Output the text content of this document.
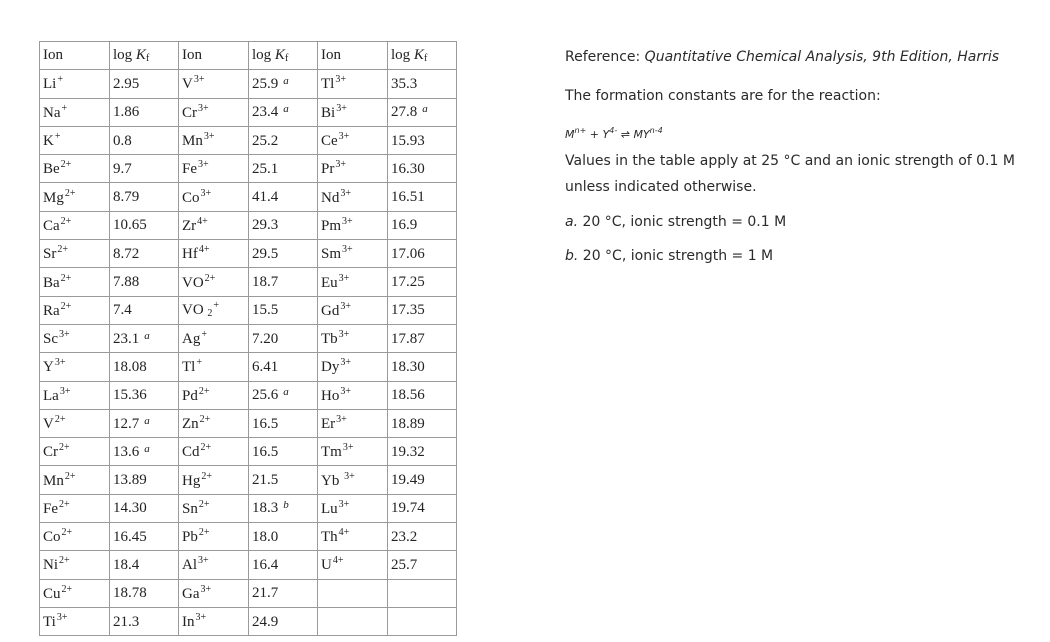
Ion	$\log K_f$	Ion	$\log K_f$	Ion	$\log K_f$
Li+	2.95	$V^{3+}$	25.9 $^a$	$Tl^{3+}$	35.3
Na+	1.86	$Cr^{3+}$	23.4 $^a$	$Bi^{3+}$	27.8 $^a$
K+	0.8	$Mn^{3+}$	25.2	$Ce^{3+}$	15.93
$Be^{2+}$	9.7	$Fe^{3+}$	25.1	$Pr^{3+}$	16.30
$Mg^{2+}$	8.79	$Co^{3+}$	41.4	$Nd^{3+}$	16.51
$Ca^{2+}$	10.65	$Zr^{4+}$	29.3	$Pm^{3+}$	16.9
$Sr^{2+}$	8.72	$Hf^{4+}$	29.5	$Sm^{3+}$	17.06
$Ba^{2+}$	7.88	$VO^{2+}$	18.7	$Eu^{3+}$	17.25
$Ra^{2+}$	7.4	VO $_2$+	15.5	$Gd^{3+}$	17.35
$Sc^{3+}$	23.1 $^a$	Ag+	7.20	$Tb^{3+}$	17.87
$Y^{3+}$	18.08	Tl+	6.41	$Dy^{3+}$	18.30
$La^{3+}$	15.36	$Pd^{2+}$	25.6 $^a$	$Ho^{3+}$	18.56
$V^{2+}$	12.7 $^a$	$Zn^{2+}$	16.5	$Er^{3+}$	18.89
$Cr^{2+}$	13.6 $^a$	$Cd^{2+}$	16.5	$Tm^{3+}$	19.32
$Mn^{2+}$	13.89	$Hg^{2+}$	21.5	Yb $^{3+}$	19.49
$Fe^{2+}$	14.30	$Sn^{2+}$	18.3 $^b$	$Lu^{3+}$	19.74
$Co^{2+}$	16.45	$Pb^{2+}$	18.0	$Th^{4+}$	23.2
$Ni^{2+}$	18.4	$Al^{3+}$	16.4	$U^{4+}$	25.7
$Cu^{2+}$	18.78	$Ga^{3+}$	21.7		
$Ti^{3+}$	21.3	$In^{3+}$	24.9		

Reference: Quantitative Chemical Analysis, 9th Edition, Harris

The formation constants are for the reaction:

$M^{n+} + Y^{4-}$ ⇌ MY$^{n-4}$

Values in the table apply at 25 °C and an ionic strength of 0.1 M unless indicated otherwise.

a. 20 °C, ionic strength = 0.1 M

b. 20 °C, ionic strength = 1 M
